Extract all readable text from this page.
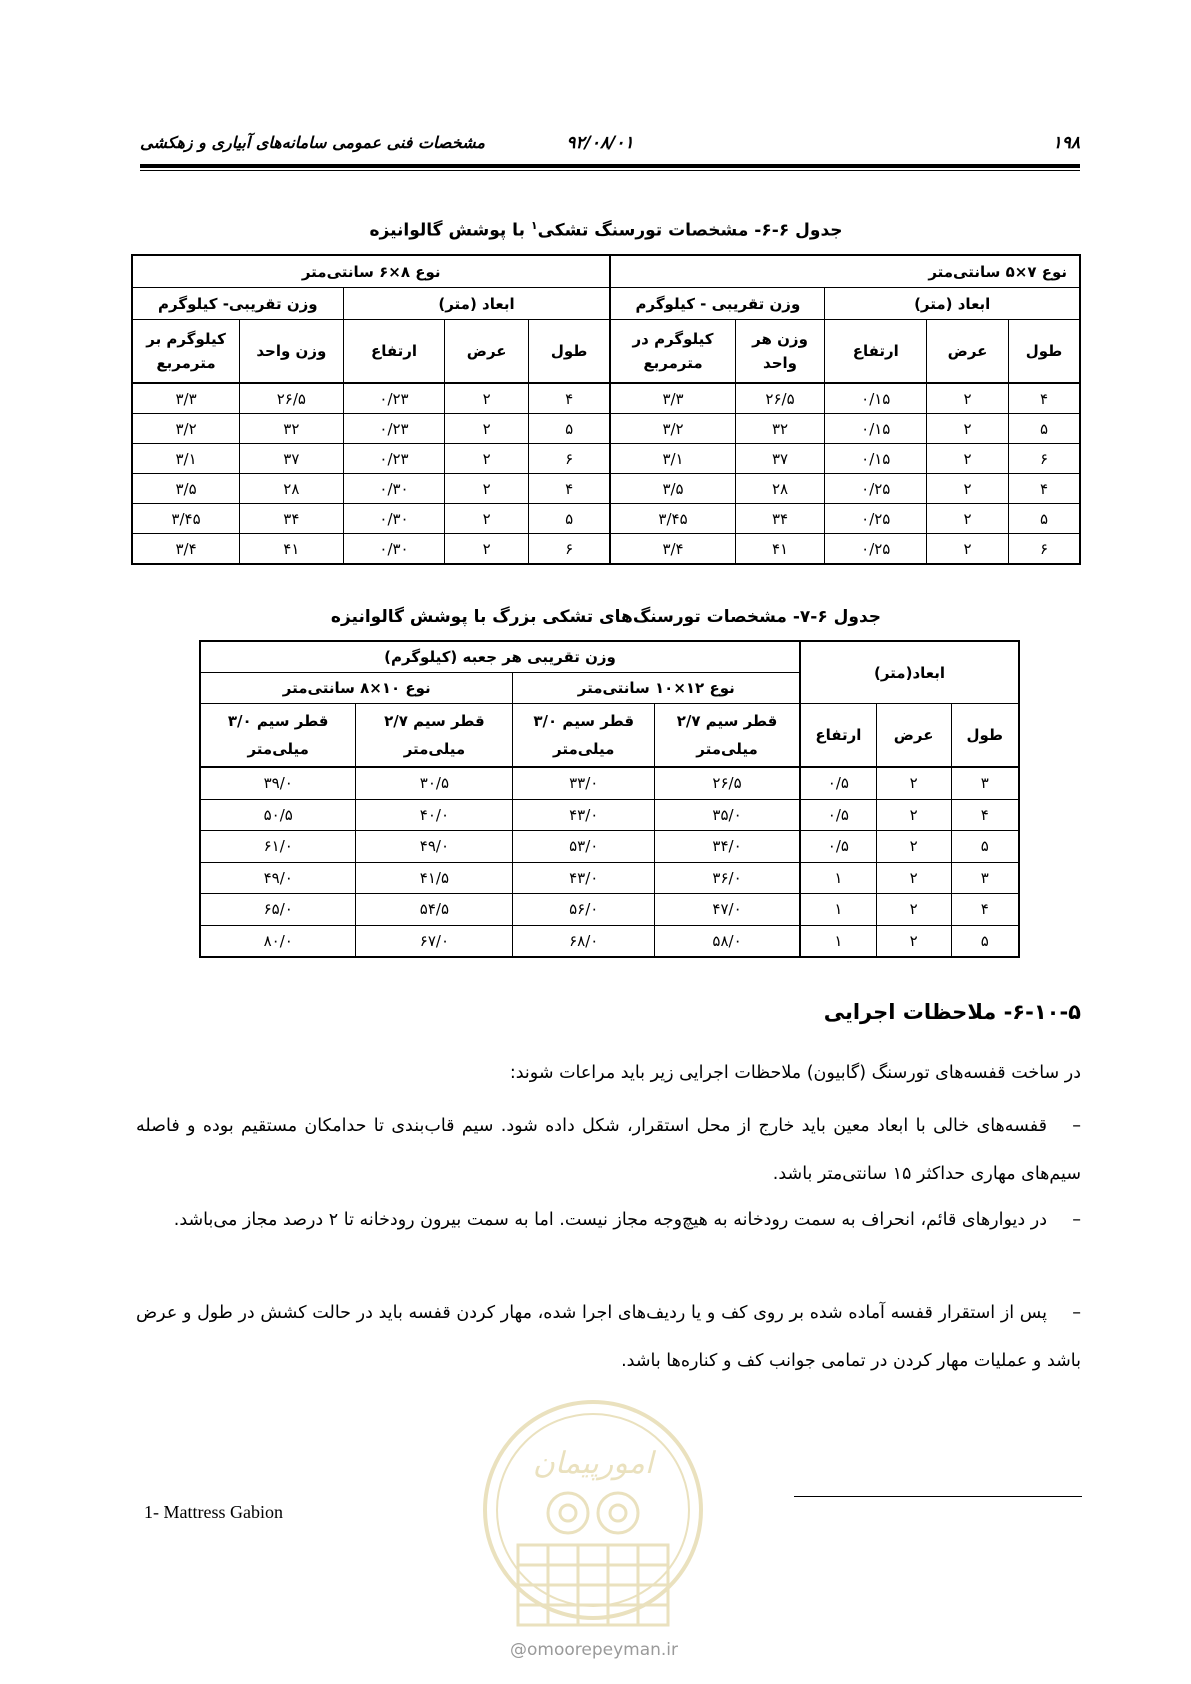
۱۹۸
۹۲/۰۸/۰۱
مشخصات فنی عمومی سامانه‌های آبیاری و زهکشی
جدول ۶-۶- مشخصات تورسنگ تشکی$^۱$ با پوشش گالوانیزه
نوع ۷×۵ سانتی‌متر					نوع ۸×۶ سانتی‌متر				
ابعاد (متر)			وزن تقریبی - کیلوگرم		ابعاد (متر)			وزن تقریبی- کیلوگرم	
طول	عرض	ارتفاع	وزن هر واحد	کیلوگرم در مترمربع	طول	عرض	ارتفاع	وزن واحد	کیلوگرم بر مترمربع
۴	۲	۰/۱۵	۲۶/۵	۳/۳	۴	۲	۰/۲۳	۲۶/۵	۳/۳
۵	۲	۰/۱۵	۳۲	۳/۲	۵	۲	۰/۲۳	۳۲	۳/۲
۶	۲	۰/۱۵	۳۷	۳/۱	۶	۲	۰/۲۳	۳۷	۳/۱
۴	۲	۰/۲۵	۲۸	۳/۵	۴	۲	۰/۳۰	۲۸	۳/۵
۵	۲	۰/۲۵	۳۴	۳/۴۵	۵	۲	۰/۳۰	۳۴	۳/۴۵
۶	۲	۰/۲۵	۴۱	۳/۴	۶	۲	۰/۳۰	۴۱	۳/۴
جدول ۶-۷- مشخصات تورسنگ‌های تشکی بزرگ با پوشش گالوانیزه
ابعاد(متر)			وزن تقریبی هر جعبه (کیلوگرم)			
			نوع ۱۲×۱۰ سانتی‌متر		نوع ۱۰×۸ سانتی‌متر	
طول	عرض	ارتفاع	قطر سیم ۲/۷ میلی‌متر	قطر سیم ۳/۰ میلی‌متر	قطر سیم ۲/۷ میلی‌متر	قطر سیم ۳/۰ میلی‌متر
۳	۲	۰/۵	۲۶/۵	۳۳/۰	۳۰/۵	۳۹/۰
۴	۲	۰/۵	۳۵/۰	۴۳/۰	۴۰/۰	۵۰/۵
۵	۲	۰/۵	۳۴/۰	۵۳/۰	۴۹/۰	۶۱/۰
۳	۲	۱	۳۶/۰	۴۳/۰	۴۱/۵	۴۹/۰
۴	۲	۱	۴۷/۰	۵۶/۰	۵۴/۵	۶۵/۰
۵	۲	۱	۵۸/۰	۶۸/۰	۶۷/۰	۸۰/۰
۶-۱۰-۵- ملاحظات اجرایی
در ساخت قفسه‌های تورسنگ (گابیون) ملاحظات اجرایی زیر باید مراعات شوند:
–قفسه‌های خالی با ابعاد معین باید خارج از محل استقرار، شکل داده شود. سیم قاب‌بندی تا حدامکان مستقیم بوده و فاصله سیم‌های مهاری حداکثر ۱۵ سانتی‌متر باشد.
–در دیوارهای قائم، انحراف به سمت رودخانه به هیچ‌وجه مجاز نیست. اما به سمت بیرون رودخانه تا ۲ درصد مجاز می‌باشد.
–پس از استقرار قفسه آماده شده بر روی کف و یا ردیف‌های اجرا شده، مهار کردن قفسه باید در حالت کشش در طول و عرض باشد و عملیات مهار کردن در تمامی جوانب کف و کناره‌ها باشد.
1- Mattress Gabion
امورپیمان
@omoorepeyman.ir
